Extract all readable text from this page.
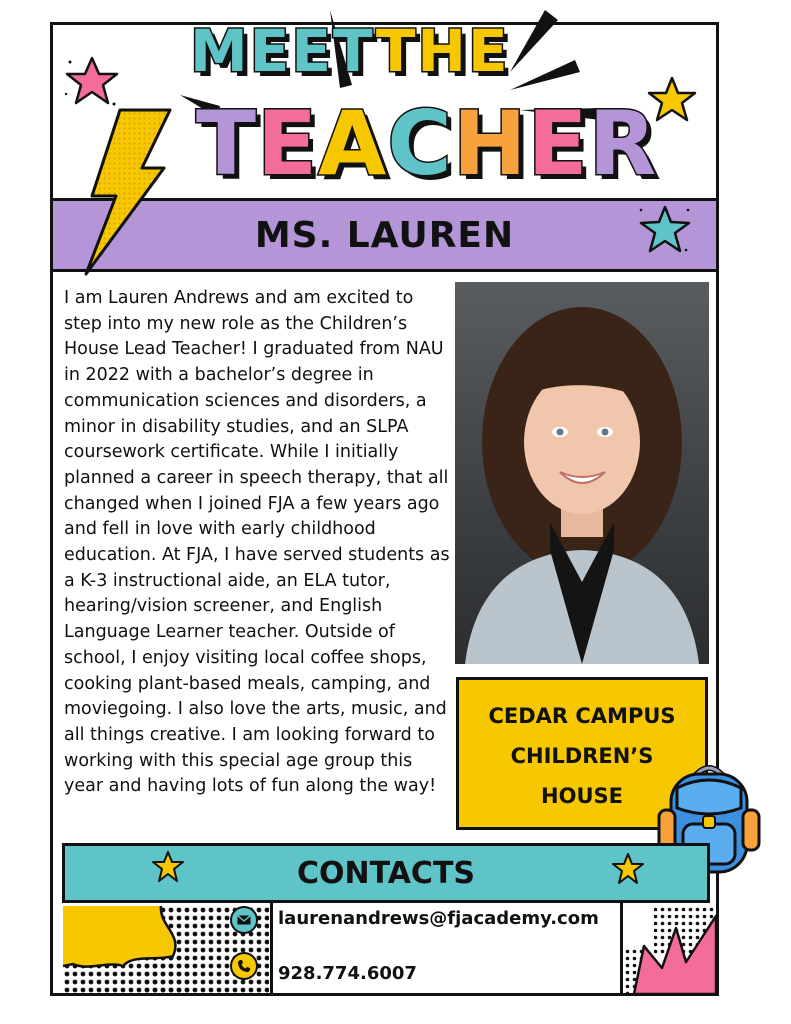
MEETTHE
TEACHER
MS. LAUREN
I am Lauren Andrews and am excited to step into my new role as the Children’s House Lead Teacher! I graduated from NAU in 2022 with a bachelor’s degree in communication sciences and disorders, a minor in disability studies, and an SLPA coursework certificate. While I initially planned a career in speech therapy, that all changed when I joined FJA a few years ago and fell in love with early childhood education. At FJA, I have served students as a K-3 instructional aide, an ELA tutor, hearing/vision screener, and English Language Learner teacher. Outside of school, I enjoy visiting local coffee shops, cooking plant-based meals, camping, and moviegoing. I also love the arts, music, and all things creative. I am looking forward to working with this special age group this year and having lots of fun along the way!
CEDAR CAMPUS
CHILDREN’S
HOUSE
CONTACTS
laurenandrews@fjacademy.com
928.774.6007
